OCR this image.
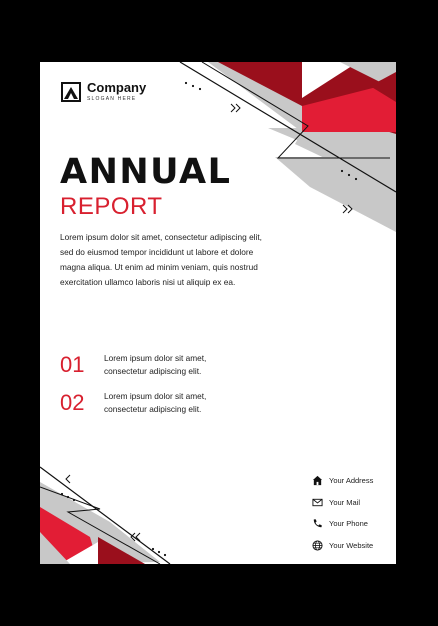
Company
SLOGAN HERE
ANNUAL
REPORT

Lorem ipsum dolor sit amet, consectetur adipiscing elit, sed do eiusmod tempor incididunt ut labore et dolore magna aliqua. Ut enim ad minim veniam, quis nostrud exercitation ullamco laboris nisi ut aliquip ex ea.

01	Lorem ipsum dolor sit amet, consectetur adipiscing elit.
02	Lorem ipsum dolor sit amet, consectetur adipiscing elit.
Your Address
Your Mail
Your Phone
Your Website
